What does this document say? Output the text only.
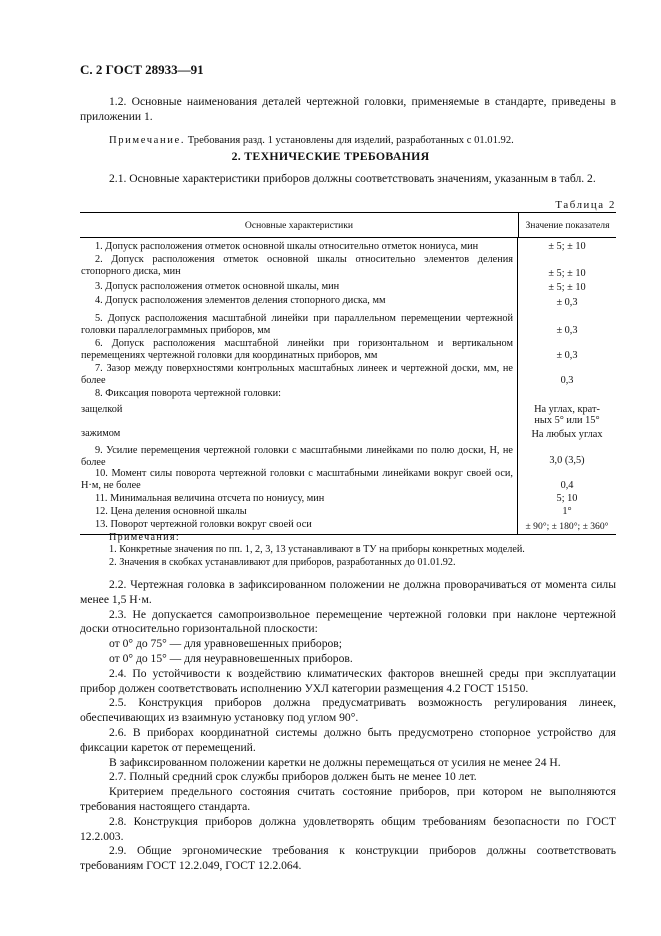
С. 2 ГОСТ 28933—91

1.2. Основные наименования деталей чертежной головки, применяемые в стандарте, приведены в приложении 1.

Примечание. Требования разд. 1 установлены для изделий, разработанных с 01.01.92.

2. ТЕХНИЧЕСКИЕ ТРЕБОВАНИЯ

2.1. Основные характеристики приборов должны соответствовать значениям, указанным в табл. 2.

Таблица 2
Основные характеристики	Значение показателя
1. Допуск расположения отметок основной шкалы относительно отметок нониуса, мин	± 5; ± 10
2. Допуск расположения отметок основной шкалы относительно элементов деления стопорного диска, мин	± 5; ± 10
3. Допуск расположения отметок основной шкалы, мин	± 5; ± 10
4. Допуск расположения элементов деления стопорного диска, мм	± 0,3
5. Допуск расположения масштабной линейки при параллельном перемещении чертежной головки параллелограммных приборов, мм	± 0,3
6. Допуск расположения масштабной линейки при горизонтальном и вертикальном перемещениях чертежной головки для координатных приборов, мм	± 0,3
7. Зазор между поверхностями контрольных масштабных линеек и чертежной доски, мм, не более	0,3
8. Фиксация поворота чертежной головки:
защелкой	На углах, крат-
ных 5° или 15°
зажимом	На любых углах
9. Усилие перемещения чертежной головки с масштабными линейками по полю доски, Н, не более	3,0 (3,5)
10. Момент силы поворота чертежной головки с масштабными линейками вокруг своей оси, Н·м, не более	0,4
11. Минимальная величина отсчета по нониусу, мин	5; 10
12. Цена деления основной шкалы	1°
13. Поворот чертежной головки вокруг своей оси	± 90°; ± 180°; ± 360°
Примечания:
1. Конкретные значения по пп. 1, 2, 3, 13 устанавливают в ТУ на приборы конкретных моделей.
2. Значения в скобках устанавливают для приборов, разработанных до 01.01.92.

2.2. Чертежная головка в зафиксированном положении не должна проворачиваться от момента силы менее 1,5 Н·м.

2.3. Не допускается самопроизвольное перемещение чертежной головки при наклоне чертежной доски относительно горизонтальной плоскости:

от 0° до 75° — для уравновешенных приборов;

от 0° до 15° — для неуравновешенных приборов.

2.4. По устойчивости к воздействию климатических факторов внешней среды при эксплуатации прибор должен соответствовать исполнению УХЛ категории размещения 4.2 ГОСТ 15150.

2.5. Конструкция приборов должна предусматривать возможность регулирования линеек, обеспечивающих из взаимную установку под углом 90°.

2.6. В приборах координатной системы должно быть предусмотрено стопорное устройство для фиксации кареток от перемещений.

В зафиксированном положении каретки не должны перемещаться от усилия не менее 24 Н.

2.7. Полный средний срок службы приборов должен быть не менее 10 лет.

Критерием предельного состояния считать состояние приборов, при котором не выполняются требования настоящего стандарта.

2.8. Конструкция приборов должна удовлетворять общим требованиям безопасности по ГОСТ 12.2.003.

2.9. Общие эргономические требования к конструкции приборов должны соответствовать требованиям ГОСТ 12.2.049, ГОСТ 12.2.064.
